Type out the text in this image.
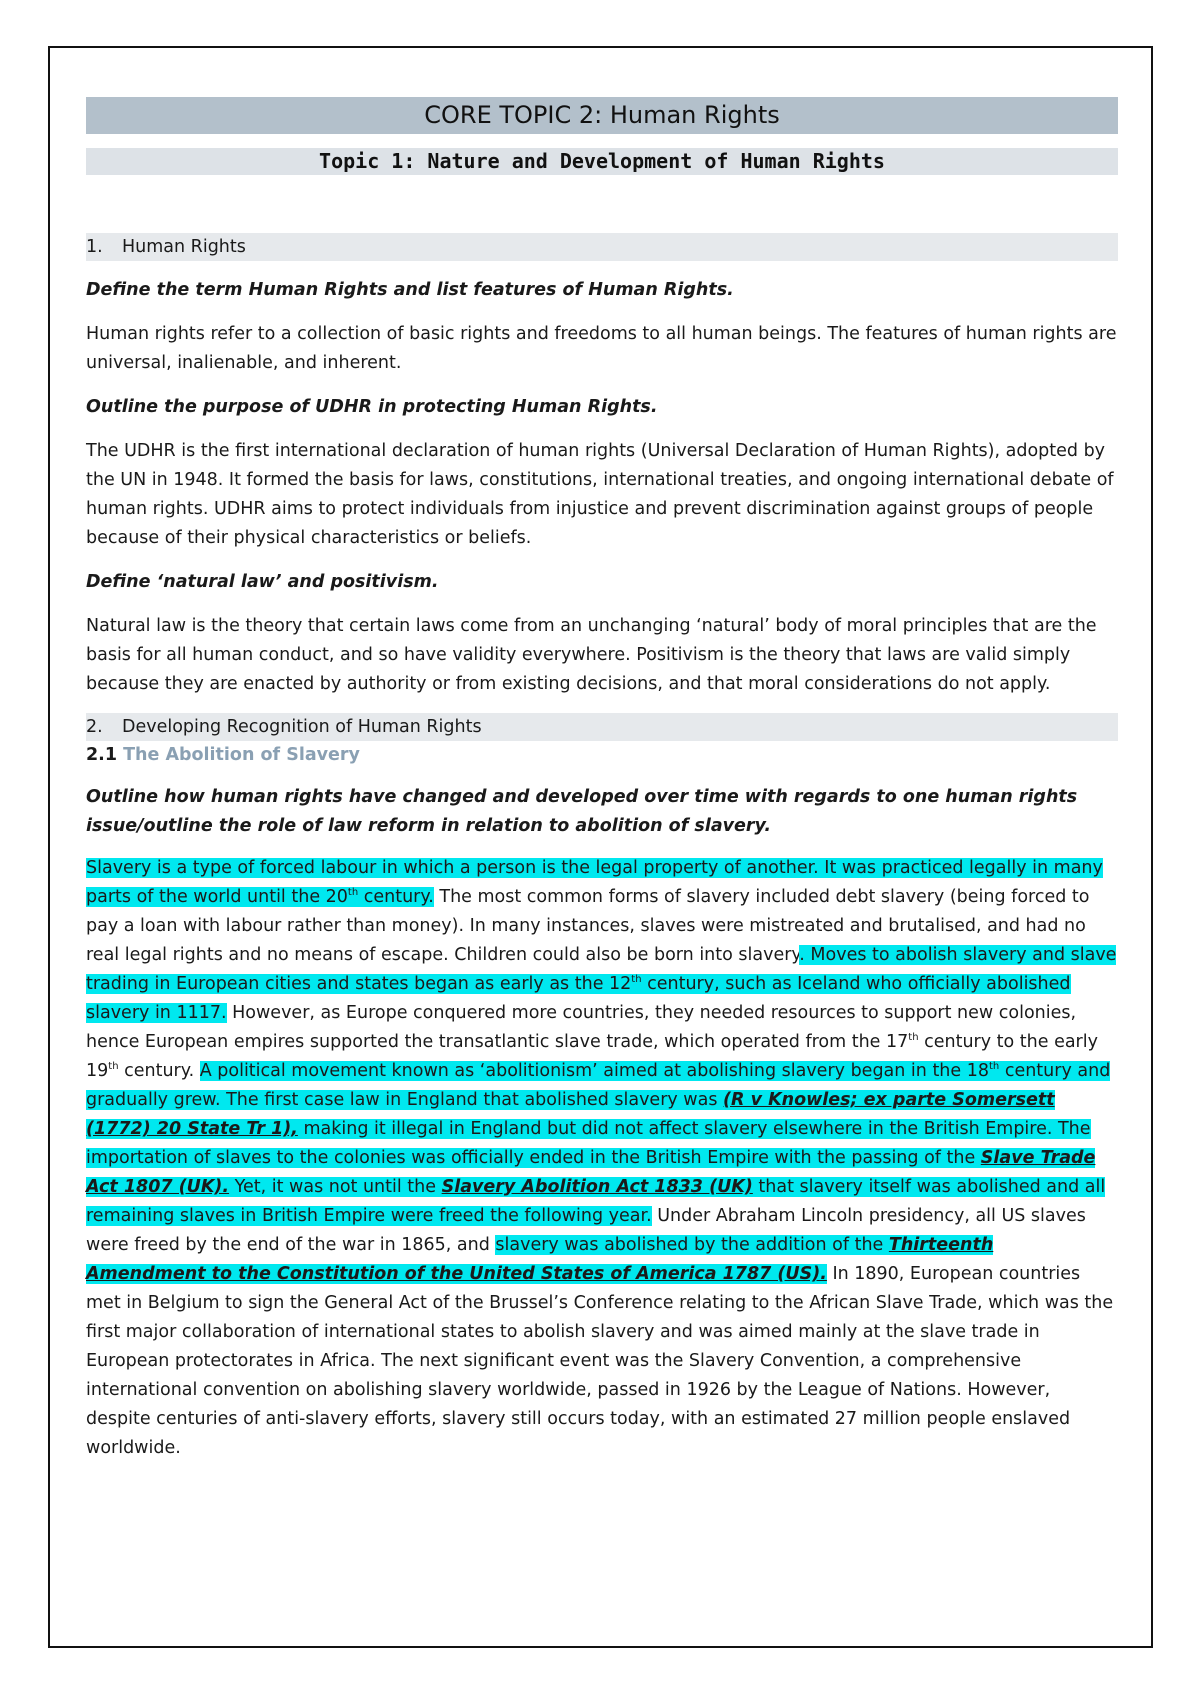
CORE TOPIC 2: Human Rights
Topic 1: Nature and Development of Human Rights
1. Human Rights

Define the term Human Rights and list features of Human Rights.

Human rights refer to a collection of basic rights and freedoms to all human beings. The features of human rights are universal, inalienable, and inherent.

Outline the purpose of UDHR in protecting Human Rights.

The UDHR is the first international declaration of human rights (Universal Declaration of Human Rights), adopted by the UN in 1948. It formed the basis for laws, constitutions, international treaties, and ongoing international debate of human rights. UDHR aims to protect individuals from injustice and prevent discrimination against groups of people because of their physical characteristics or beliefs.

Define ‘natural law’ and positivism.

Natural law is the theory that certain laws come from an unchanging ‘natural’ body of moral principles that are the basis for all human conduct, and so have validity everywhere. Positivism is the theory that laws are valid simply because they are enacted by authority or from existing decisions, and that moral considerations do not apply.

2. Developing Recognition of Human Rights
2.1 The Abolition of Slavery

Outline how human rights have changed and developed over time with regards to one human rights issue/outline the role of law reform in relation to abolition of slavery.

Slavery is a type of forced labour in which a person is the legal property of another. It was practiced legally in many parts of the world until the 20th century. The most common forms of slavery included debt slavery (being forced to pay a loan with labour rather than money). In many instances, slaves were mistreated and brutalised, and had no real legal rights and no means of escape. Children could also be born into slavery. Moves to abolish slavery and slave trading in European cities and states began as early as the 12th century, such as Iceland who officially abolished slavery in 1117. However, as Europe conquered more countries, they needed resources to support new colonies, hence European empires supported the transatlantic slave trade, which operated from the 17th century to the early 19th century. A political movement known as ‘abolitionism’ aimed at abolishing slavery began in the 18th century and gradually grew. The first case law in England that abolished slavery was (R v Knowles; ex parte Somersett (1772) 20 State Tr 1), making it illegal in England but did not affect slavery elsewhere in the British Empire. The importation of slaves to the colonies was officially ended in the British Empire with the passing of the Slave Trade Act 1807 (UK). Yet, it was not until the Slavery Abolition Act 1833 (UK) that slavery itself was abolished and all remaining slaves in British Empire were freed the following year. Under Abraham Lincoln presidency, all US slaves were freed by the end of the war in 1865, and slavery was abolished by the addition of the Thirteenth Amendment to the Constitution of the United States of America 1787 (US). In 1890, European countries met in Belgium to sign the General Act of the Brussel’s Conference relating to the African Slave Trade, which was the first major collaboration of international states to abolish slavery and was aimed mainly at the slave trade in European protectorates in Africa. The next significant event was the Slavery Convention, a comprehensive international convention on abolishing slavery worldwide, passed in 1926 by the League of Nations. However, despite centuries of anti-slavery efforts, slavery still occurs today, with an estimated 27 million people enslaved worldwide.
